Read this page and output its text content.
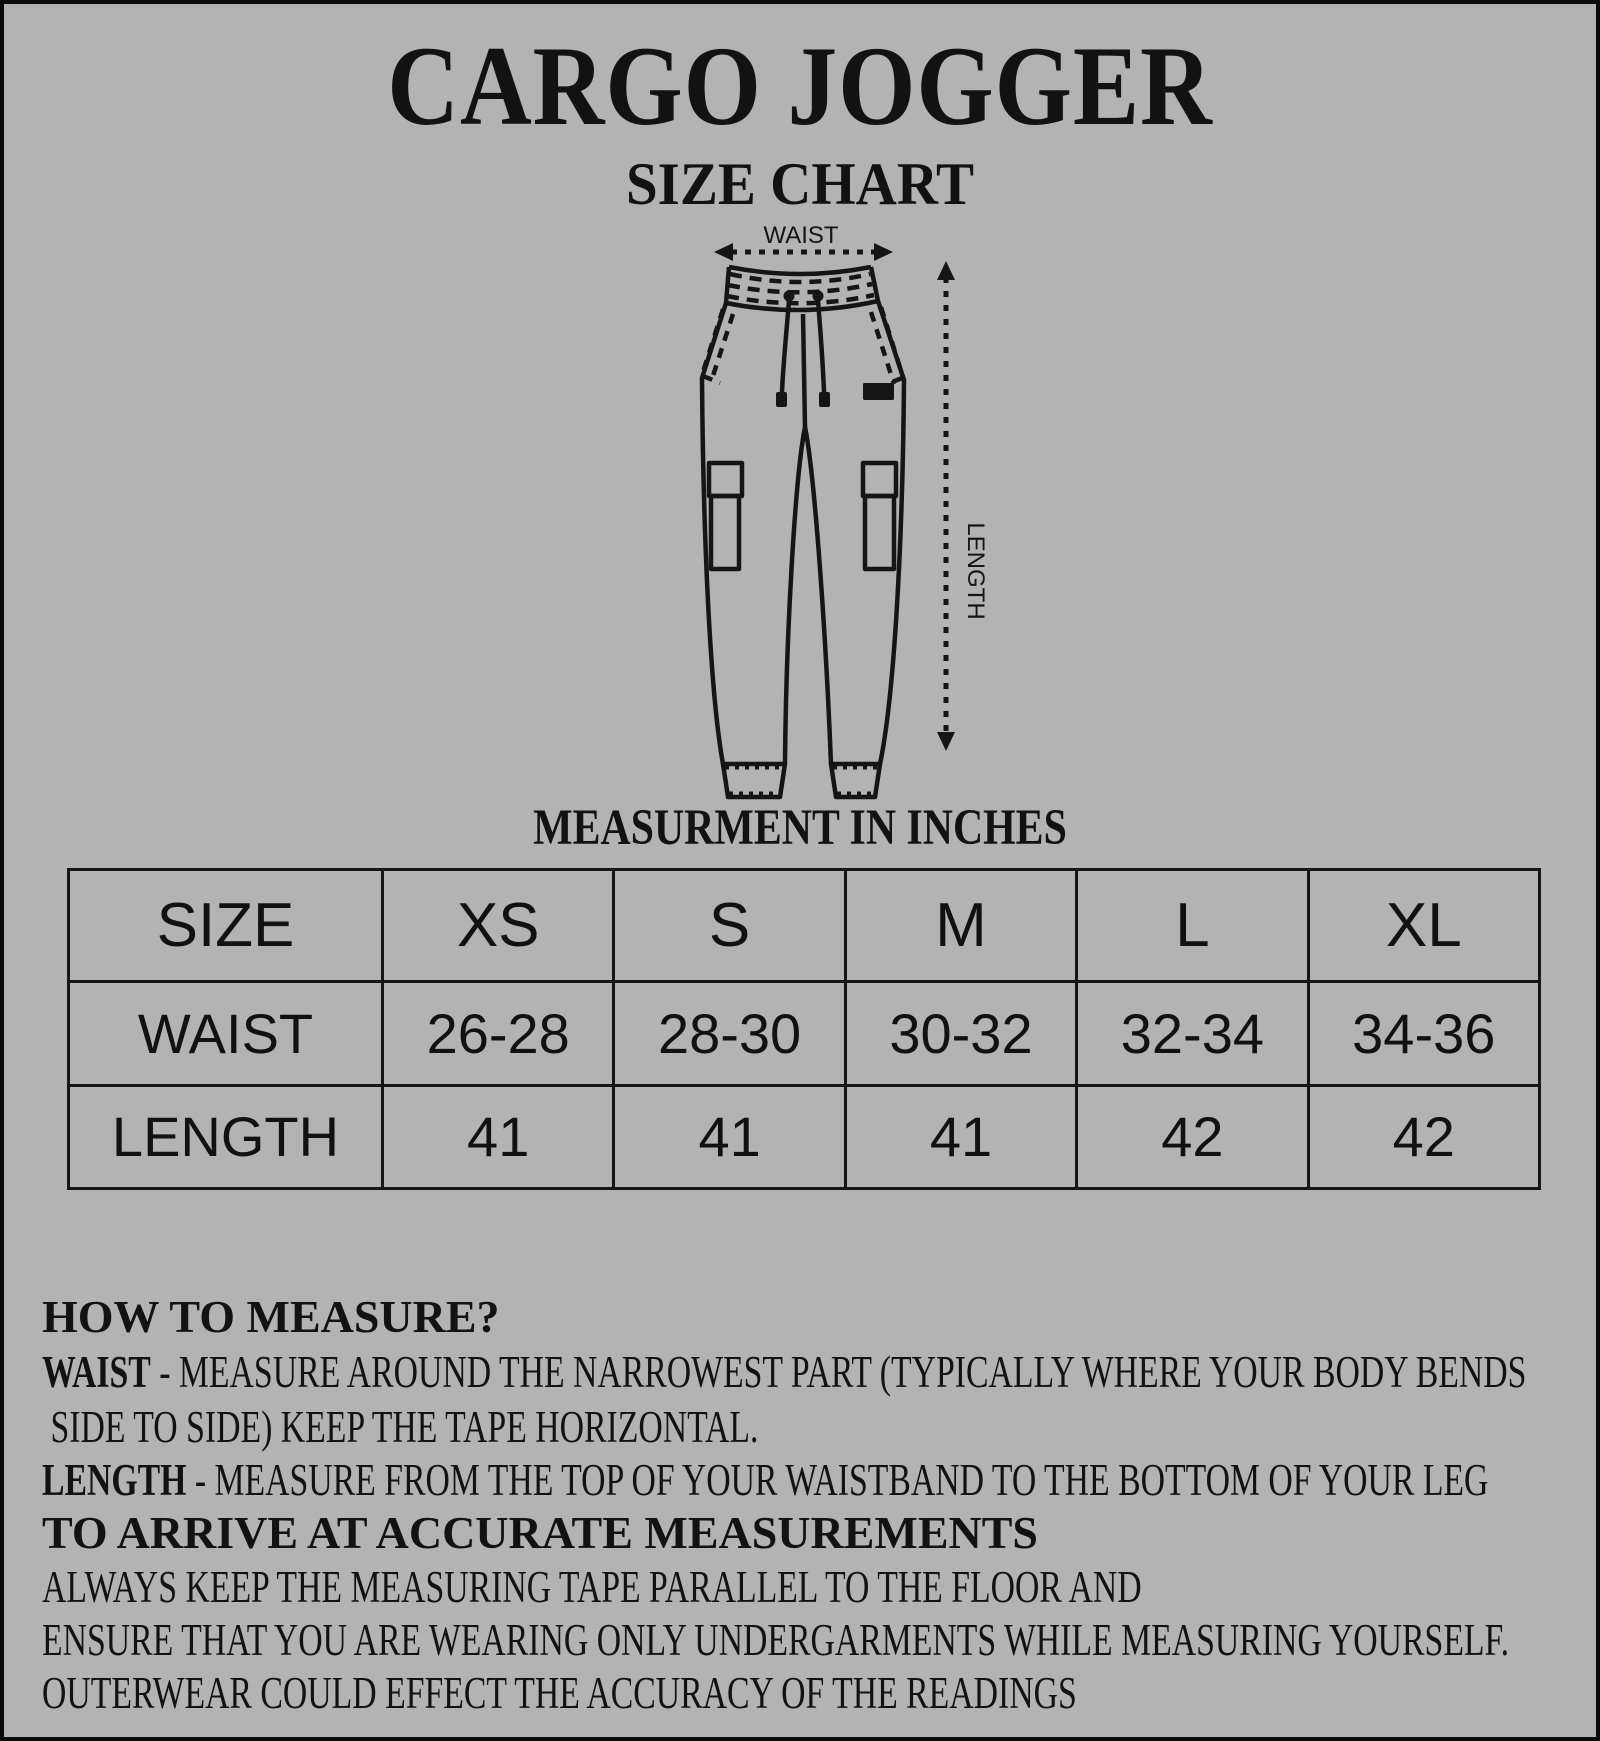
CARGO JOGGER
SIZE CHART
WAIST
LENGTH
MEASURMENT IN INCHES
SIZE	XS	S	M	L	XL
WAIST	26-28	28-30	30-32	32-34	34-36
LENGTH	41	41	41	42	42
HOW TO MEASURE?
WAIST - MEASURE AROUND THE NARROWEST PART (TYPICALLY WHERE YOUR BODY BENDS
SIDE TO SIDE) KEEP THE TAPE HORIZONTAL.
LENGTH - MEASURE FROM THE TOP OF YOUR WAISTBAND TO THE BOTTOM OF YOUR LEG
TO ARRIVE AT ACCURATE MEASUREMENTS
ALWAYS KEEP THE MEASURING TAPE PARALLEL TO THE FLOOR AND
ENSURE THAT YOU ARE WEARING ONLY UNDERGARMENTS WHILE MEASURING YOURSELF.
OUTERWEAR COULD EFFECT THE ACCURACY OF THE READINGS
